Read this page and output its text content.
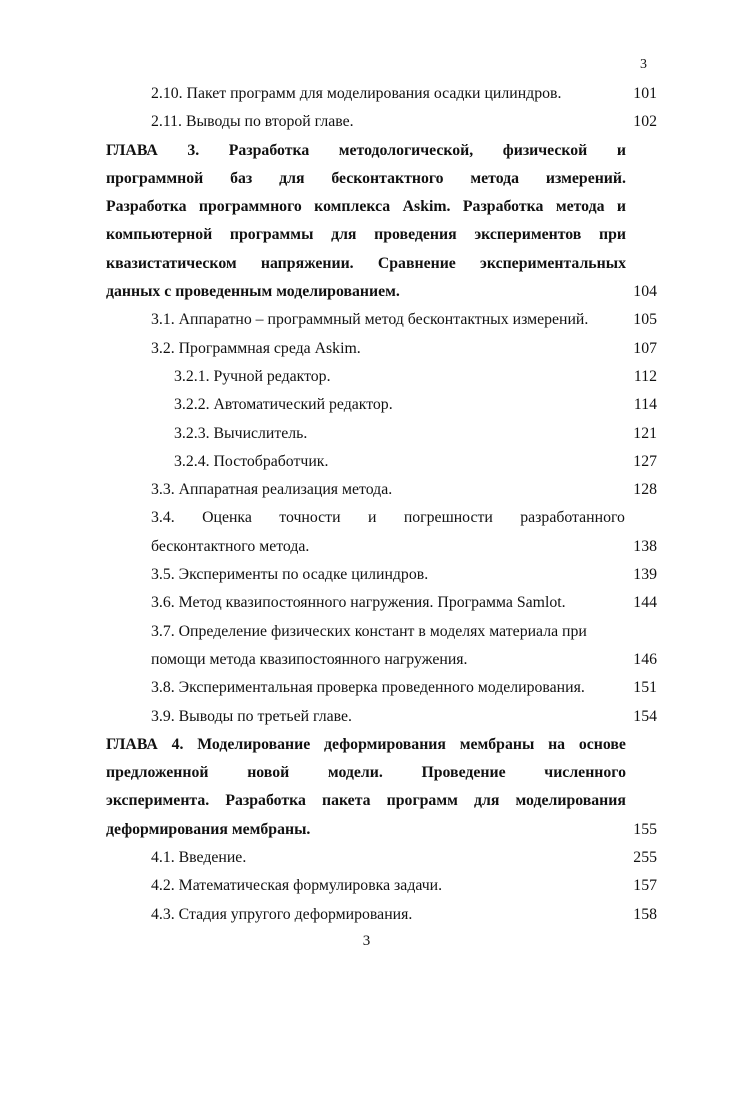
3
2.10. Пакет программ для моделирования осадки цилиндров.	101
2.11. Выводы по второй главе.	102
ГЛАВА 3. Разработка методологической, физической и
программной баз для бесконтактного метода измерений.
Разработка программного комплекса Askim. Разработка метода и
компьютерной программы для проведения экспериментов при
квазистатическом напряжении. Сравнение экспериментальных
данных с проведенным моделированием.	104
3.1. Аппаратно – программный метод бесконтактных измерений.	105
3.2. Программная среда Askim.	107
3.2.1. Ручной редактор.	112
3.2.2. Автоматический редактор.	114
3.2.3. Вычислитель.	121
3.2.4. Постобработчик.	127
3.3. Аппаратная реализация метода.	128
3.4. Оценка точности и погрешности разработанного
бесконтактного метода.	138
3.5. Эксперименты по осадке цилиндров.	139
3.6. Метод квазипостоянного нагружения. Программа Samlot.	144
3.7. Определение физических констант в моделях материала при
помощи метода квазипостоянного нагружения.	146
3.8. Экспериментальная проверка проведенного моделирования.	151
3.9. Выводы по третьей главе.	154
ГЛАВА 4. Моделирование деформирования мембраны на основе
предложенной новой модели. Проведение численного
эксперимента. Разработка пакета программ для моделирования
деформирования мембраны.	155
4.1. Введение.	255
4.2. Математическая формулировка задачи.	157
4.3. Стадия упругого деформирования.	158
3
